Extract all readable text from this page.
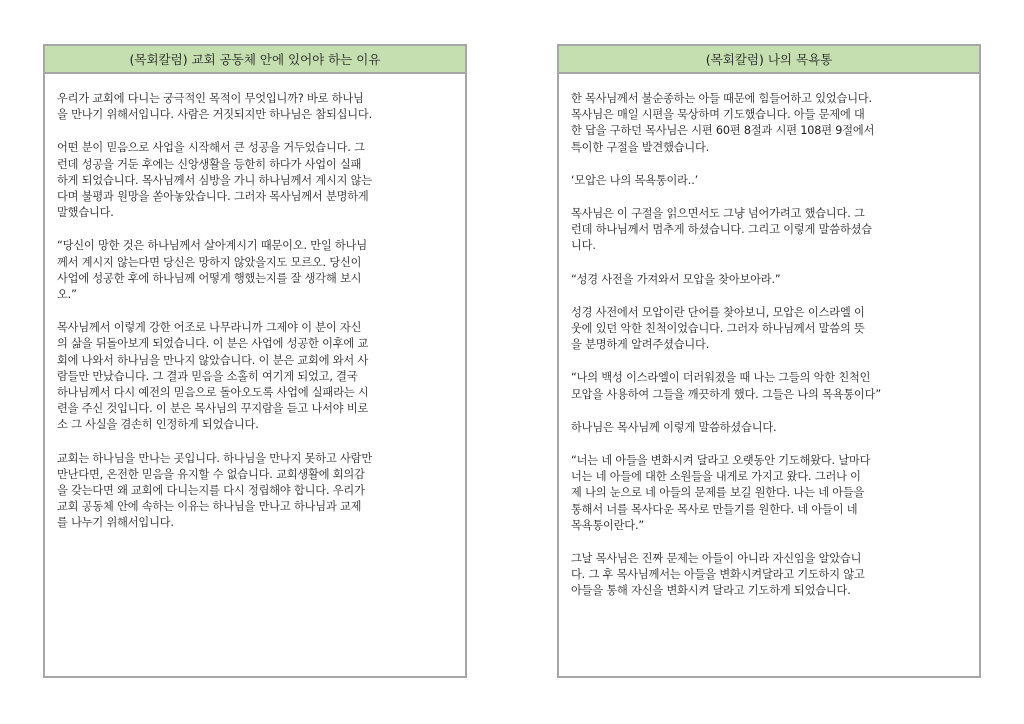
(목회칼럼) 교회 공동체 안에 있어야 하는 이유

우리가 교회에 다니는 궁극적인 목적이 무엇입니까? 바로 하나님
을 만나기 위해서입니다. 사람은 거짓되지만 하나님은 참되십니다.

어떤 분이 믿음으로 사업을 시작해서 큰 성공을 거두었습니다. 그
런데 성공을 거둔 후에는 신앙생활을 등한히 하다가 사업이 실패
하게 되었습니다. 목사님께서 심방을 가니 하나님께서 계시지 않는
다며 불평과 원망을 쏟아놓았습니다. 그러자 목사님께서 분명하게
말했습니다.

“당신이 망한 것은 하나님께서 살아계시기 때문이오. 만일 하나님
께서 계시지 않는다면 당신은 망하지 않았을지도 모르오. 당신이
사업에 성공한 후에 하나님께 어떻게 행했는지를 잘 생각해 보시
오.”

목사님께서 이렇게 강한 어조로 나무라니까 그제야 이 분이 자신
의 삶을 뒤돌아보게 되었습니다. 이 분은 사업에 성공한 이후에 교
회에 나와서 하나님을 만나지 않았습니다. 이 분은 교회에 와서 사
람들만 만났습니다. 그 결과 믿음을 소홀히 여기게 되었고, 결국
하나님께서 다시 예전의 믿음으로 돌아오도록 사업에 실패라는 시
련을 주신 것입니다. 이 분은 목사님의 꾸지람을 듣고 나서야 비로
소 그 사실을 겸손히 인정하게 되었습니다.

교회는 하나님을 만나는 곳입니다. 하나님을 만나지 못하고 사람만
만난다면, 온전한 믿음을 유지할 수 없습니다. 교회생활에 회의감
을 갖는다면 왜 교회에 다니는지를 다시 정립해야 합니다. 우리가
교회 공동체 안에 속하는 이유는 하나님을 만나고 하나님과 교제
를 나누기 위해서입니다.

(목회칼럼) 나의 목욕통

한 목사님께서 불순종하는 아들 때문에 힘들어하고 있었습니다.
목사님은 매일 시편을 묵상하며 기도했습니다. 아들 문제에 대
한 답을 구하던 목사님은 시편 60편 8절과 시편 108편 9절에서
특이한 구절을 발견했습니다.

‘모압은 나의 목욕통이라..’

목사님은 이 구절을 읽으면서도 그냥 넘어가려고 했습니다. 그
런데 하나님께서 멈추게 하셨습니다. 그리고 이렇게 말씀하셨습
니다.

“성경 사전을 가져와서 모압을 찾아보아라.”

성경 사전에서 모압이란 단어를 찾아보니, 모압은 이스라엘 이
웃에 있던 악한 친척이었습니다. 그러자 하나님께서 말씀의 뜻
을 분명하게 알려주셨습니다.

“나의 백성 이스라엘이 더러워졌을 때 나는 그들의 악한 친척인
모압을 사용하여 그들을 깨끗하게 했다. 그들은 나의 목욕통이다”

하나님은 목사님께 이렇게 말씀하셨습니다.

“너는 네 아들을 변화시켜 달라고 오랫동안 기도해왔다. 날마다
너는 네 아들에 대한 소원들을 내게로 가지고 왔다. 그러나 이
제 나의 눈으로 네 아들의 문제를 보길 원한다. 나는 네 아들을
통해서 너를 목사다운 목사로 만들기를 원한다. 네 아들이 네
목욕통이란다.”

그날 목사님은 진짜 문제는 아들이 아니라 자신임을 알았습니
다. 그 후 목사님께서는 아들을 변화시켜달라고 기도하지 않고
아들을 통해 자신을 변화시켜 달라고 기도하게 되었습니다.
